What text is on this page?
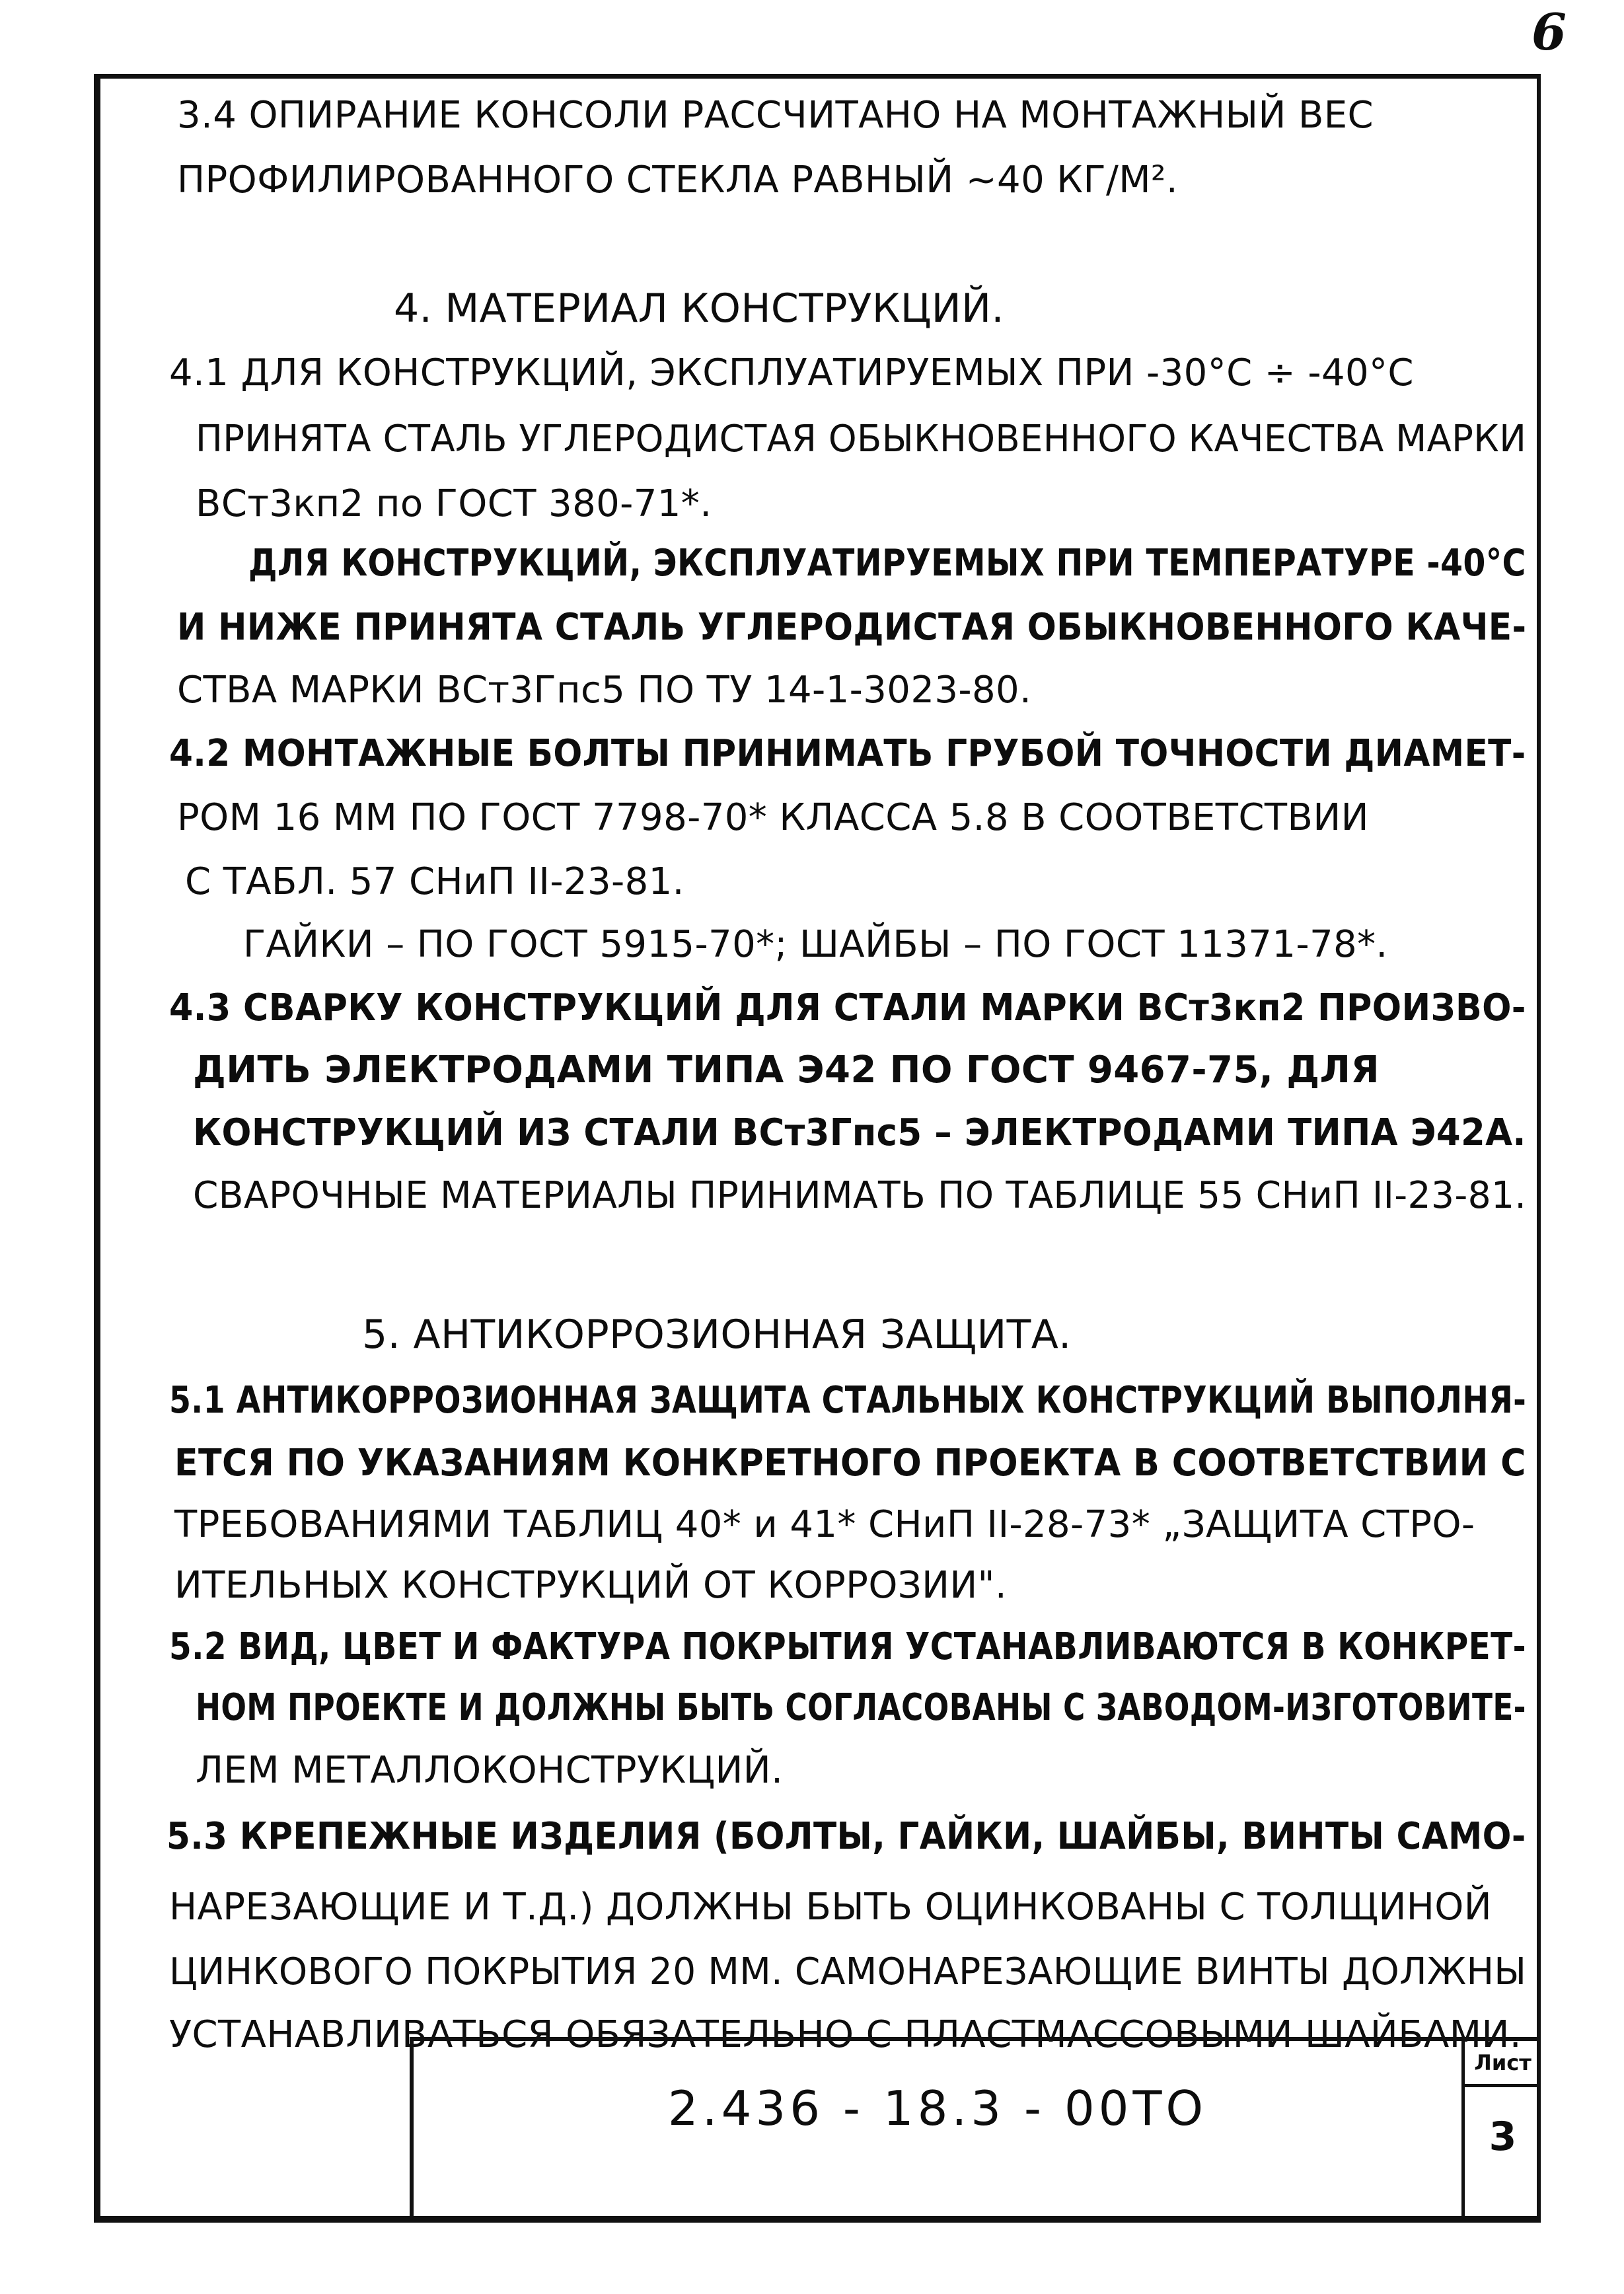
6
3.4 ОПИРАНИЕ КОНСОЛИ РАССЧИТАНО НА МОНТАЖНЫЙ ВЕС
ПРОФИЛИРОВАННОГО СТЕКЛА РАВНЫЙ ~40 КГ/М².
4. МАТЕРИАЛ КОНСТРУКЦИЙ.
4.1 ДЛЯ КОНСТРУКЦИЙ, ЭКСПЛУАТИРУЕМЫХ ПРИ -30°С ÷ -40°С
ПРИНЯТА СТАЛЬ УГЛЕРОДИСТАЯ ОБЫКНОВЕННОГО КАЧЕСТВА МАРКИ
ВСт3кп2 по ГОСТ 380-71*.
ДЛЯ КОНСТРУКЦИЙ, ЭКСПЛУАТИРУЕМЫХ ПРИ ТЕМПЕРАТУРЕ -40°С
И НИЖЕ ПРИНЯТА СТАЛЬ УГЛЕРОДИСТАЯ ОБЫКНОВЕННОГО КАЧЕ-
СТВА МАРКИ ВСт3Гпс5 ПО ТУ 14-1-3023-80.
4.2 МОНТАЖНЫЕ БОЛТЫ ПРИНИМАТЬ ГРУБОЙ ТОЧНОСТИ ДИАМЕТ-
РОМ 16 ММ ПО ГОСТ 7798-70* КЛАССА 5.8 В СООТВЕТСТВИИ
С ТАБЛ. 57 СНиП II-23-81.
ГАЙКИ – ПО ГОСТ 5915-70*; ШАЙБЫ – ПО ГОСТ 11371-78*.
4.3 СВАРКУ КОНСТРУКЦИЙ ДЛЯ СТАЛИ МАРКИ ВСт3кп2 ПРОИЗВО-
ДИТЬ ЭЛЕКТРОДАМИ ТИПА Э42 ПО ГОСТ 9467-75, ДЛЯ
КОНСТРУКЦИЙ ИЗ СТАЛИ ВСт3Гпс5 – ЭЛЕКТРОДАМИ ТИПА Э42А.
СВАРОЧНЫЕ МАТЕРИАЛЫ ПРИНИМАТЬ ПО ТАБЛИЦЕ 55 СНиП II-23-81.
5. АНТИКОРРОЗИОННАЯ ЗАЩИТА.
5.1 АНТИКОРРОЗИОННАЯ ЗАЩИТА СТАЛЬНЫХ КОНСТРУКЦИЙ ВЫПОЛНЯ-
ЕТСЯ ПО УКАЗАНИЯМ КОНКРЕТНОГО ПРОЕКТА В СООТВЕТСТВИИ С
ТРЕБОВАНИЯМИ ТАБЛИЦ 40* и 41* СНиП II-28-73* „ЗАЩИТА СТРО-
ИТЕЛЬНЫХ КОНСТРУКЦИЙ ОТ КОРРОЗИИ".
5.2 ВИД, ЦВЕТ И ФАКТУРА ПОКРЫТИЯ УСТАНАВЛИВАЮТСЯ В КОНКРЕТ-
НОМ ПРОЕКТЕ И ДОЛЖНЫ БЫТЬ СОГЛАСОВАНЫ С ЗАВОДОМ-ИЗГОТОВИТЕ-
ЛЕМ МЕТАЛЛОКОНСТРУКЦИЙ.
5.3 КРЕПЕЖНЫЕ ИЗДЕЛИЯ (БОЛТЫ, ГАЙКИ, ШАЙБЫ, ВИНТЫ САМО-
НАРЕЗАЮЩИЕ И Т.Д.) ДОЛЖНЫ БЫТЬ ОЦИНКОВАНЫ С ТОЛЩИНОЙ
ЦИНКОВОГО ПОКРЫТИЯ 20 ММ. САМОНАРЕЗАЮЩИЕ ВИНТЫ ДОЛЖНЫ
УСТАНАВЛИВАТЬСЯ ОБЯЗАТЕЛЬНО С ПЛАСТМАССОВЫМИ ШАЙБАМИ.
2.436 - 18.3 - 00ТО
Лист
3
